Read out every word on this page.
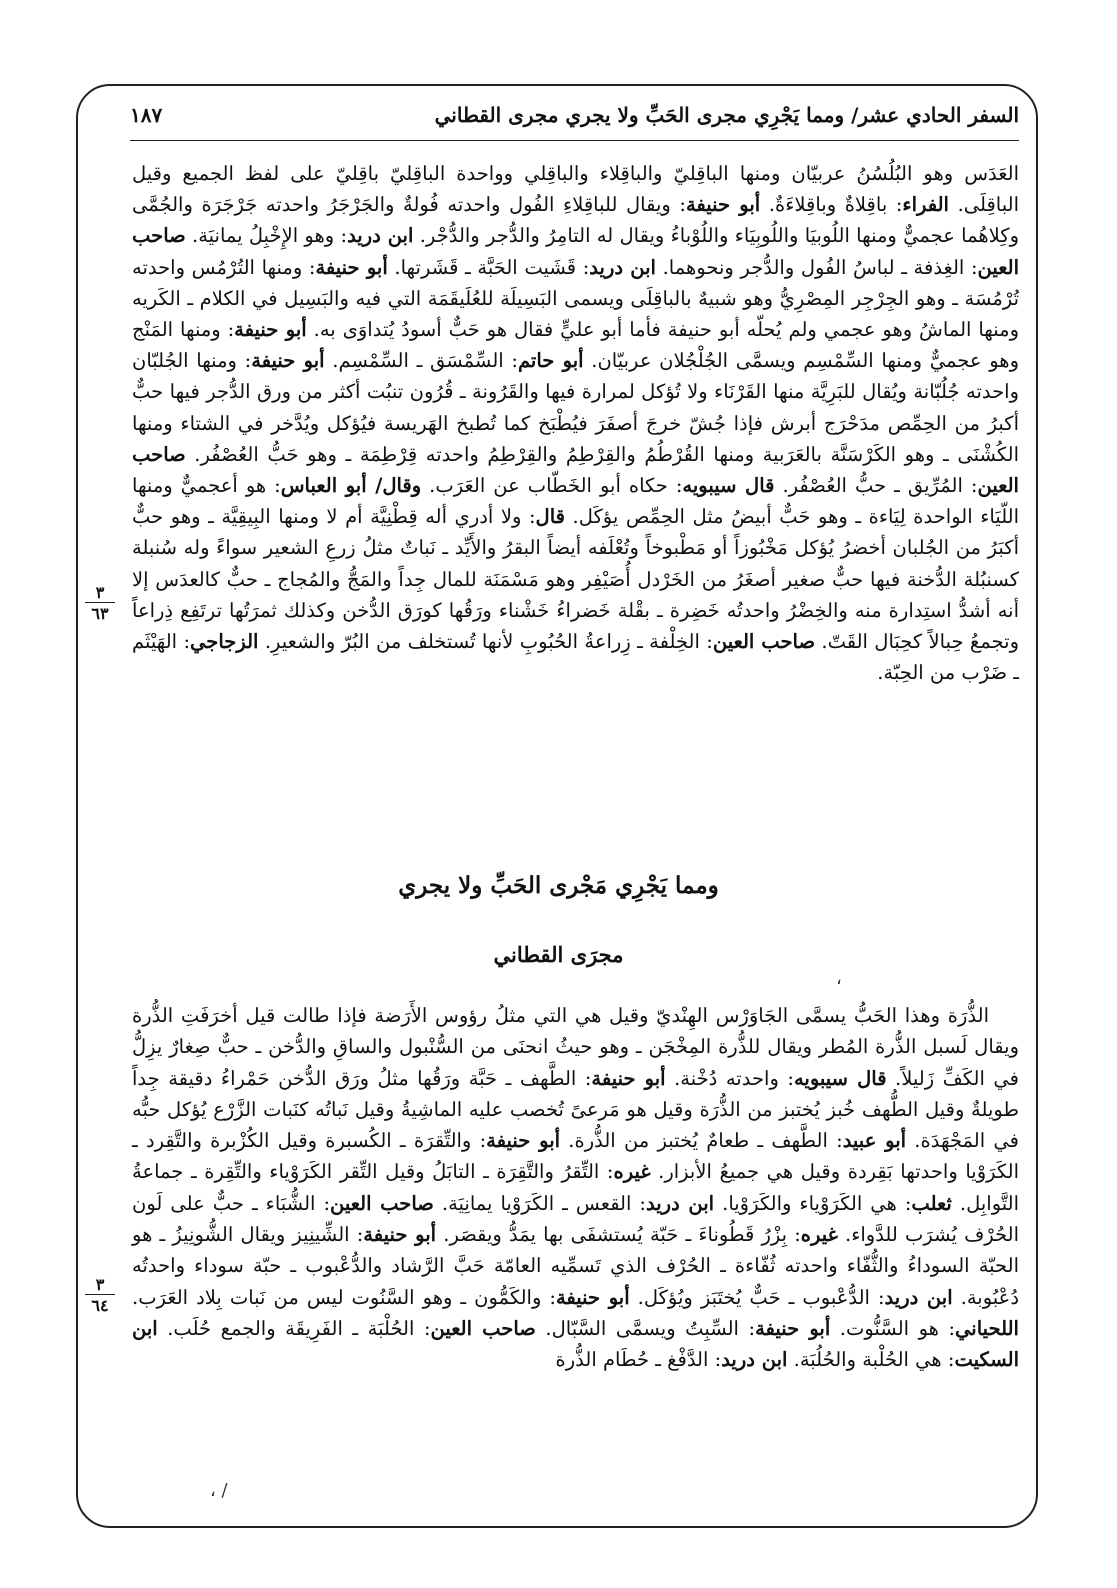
السفر الحادي عشر/ ومما يَجْرِي مجرى الحَبِّ ولا يجري مجرى القطاني
١٨٧

العَدَس وهو البُلُسُنُ عربيّان ومنها الباقِليّ والباقِلاء والباقِلي وواحدة الباقِليّ باقِليّ على لفظ الجميع وقيل الباقِلَى. الفراء: باقِلاةٌ وباقِلاءَةٌ. أبو حنيفة: ويقال للباقِلاءِ الفُول واحدته فُولةٌ والجَرْجَرُ واحدته جَرْجَرَة والجُمَّى وكِلاهُما عجميٌّ ومنها اللُوبيَا واللُوبِيَاء واللُوْباءُ ويقال له التامِرُ والدُّجر والدُّجْر. ابن دريد: وهو الإِخْبِلُ يمانيَة. صاحب العين: الغِذفة ـ لباسُ الفُول والدُّجر ونحوهما. ابن دريد: قَشَيت الحَبَّة ـ قَشَرتها. أبو حنيفة: ومنها التُرْمُس واحدته تُرْمُسَة ـ وهو الجِرْجِر المِصْرِيُّ وهو شبيهٌ بالباقِلَى ويسمى البَسِيلَة للعُلَيقَمَة التي فيه والبَسِيل في الكلام ـ الكَريه ومنها الماشُ وهو عجمي ولم يُحلّه أبو حنيفة فأما أبو عليٍّ فقال هو حَبٌّ أسودُ يُتداوَى به. أبو حنيفة: ومنها المَنْج وهو عجميٌّ ومنها السِّمْسِم ويسمَّى الجُلْجُلان عربيّان. أبو حاتم: السِّمْسَق ـ السِّمْسِم. أبو حنيفة: ومنها الجُلبّان واحدته جُلُبّانة ويُقال للبَرِيَّة منها القَرْنَاء ولا تُؤكل لمرارة فيها والقَرُونة ـ قُرُون تنبُت أكثر من ورق الدُّجر فيها حبٌّ أكبرُ من الحِمِّص مدَحْرَج أبرش فإذا جُشّ خرجَ أصفَرَ فيُطْبَخ كما تُطبخ الهَريسة فيُؤكل ويُدَّخر في الشتاء ومنها الكُشْنَى ـ وهو الكَرْسَنَّة بالعَرَبية ومنها القُرْطُمُ والقِرْطِمُ والقِرْطِمُ واحدته قِرْطِمَة ـ وهو حَبُّ العُصْفُر. صاحب العين: المُرِّيق ـ حبُّ العُصْفُر. قال سيبويه: حكاه أبو الخَطّاب عن العَرَب. وقال/ أبو العباس: هو أعجميٌّ ومنها اللّيَاء الواحدة لِيَاءة ـ وهو حَبٌّ أبيضُ مثل الحِمِّص يؤكَل. قال: ولا أدري أله قِطْنِيَّة أم لا ومنها البِيقِيَّة ـ وهو حبٌّ أكبَرُ من الجُلبان أخضرُ يُؤكل مَخْبُوزاً أو مَطْبوخاً وتُعْلَفه أيضاً البقرُ والأَيِّد ـ نَباتٌ مثلُ زرعِ الشعير سواءً وله سُنبلة كسنبُلة الدُّخنة فيها حبٌّ صغير أصغَرُ من الخَرْدل أُصَيْفِر وهو مَسْمَنَة للمال جِداً والمَجُّ والمُجاج ـ حبٌّ كالعدَس إلا أنه أشدُّ استِدارة منه والخِضْرُ واحدتُه خَضِرة ـ بقْلة خَضراءُ خَشْناء ورَقُها كورَق الدُّخن وكذلك ثمرَتُها ترتَفِع ذِراعاً وتجمعُ حِبالاً كحِبَال القَتّ. صاحب العين: الخِلْفة ـ زِراعةُ الحُبُوبِ لأنها تُستخلف من البُرّ والشعيرِ. الزجاجي: الهَيْثَم ـ ضَرْب من الحِبّة.

٣
٦٣
ومما يَجْرِي مَجْرى الحَبِّ ولا يجري
مجرَى القطاني
،

الذُّرَة وهذا الحَبُّ يسمَّى الجَاوَرْس الهِنْديّ وقيل هي التي مثلُ رؤوس الأَرَضة فإذا طالت قيل أخرَفَتِ الذُّرة ويقال لَسبل الذُّرة المُطر ويقال للذُّرة المِخْجَن ـ وهو حيثُ انحنَى من السُّنْبول والساقِ والدُّخن ـ حبٌّ صِغارٌ يزِلُّ في الكَفِّ زَليلاً. قال سيبويه: واحدته دُخْنة. أبو حنيفة: الطَّهف ـ حَبَّة ورَقُها مثلُ ورَق الدُّخن حَمْراءُ دقيقة جِداً طويلةٌ وقيل الطُّهف خُبز يُختبز من الذُّرَة وقيل هو مَرعىً تُخصب عليه الماشِيةُ وقيل نَباتُه كنَبات الزَّرْع يُؤكل حبُّه في المَجْهَدَة. أبو عبيد: الطَّهف ـ طعامٌ يُختبز من الذُّرة. أبو حنيفة: والتِّقرَة ـ الكُسبرة وقيل الكُزْبرة والتَّقِرد ـ الكَرَوْيا واحدتها بَقِردة وقيل هي جميعُ الأبزار. غيره: التِّقرُ والتَّقِرَة ـ التابَلُ وقيل التِّقر الكَرَوْياء والتِّقِرة ـ جماعةُ التَّوابِل. ثعلب: هي الكَرَوْياء والكَرَوْيا. ابن دريد: القعس ـ الكَرَوْيا يمانِيَة. صاحب العين: الشُّبَاء ـ حبٌّ على لَون الحُرْف يُشرَب للدَّواء. غيره: بِزْرُ قَطُوناءَ ـ حَبّة يُستشفَى بها يمَدُّ ويقصَر. أبو حنيفة: الشِّينِيز ويقال الشُّونِيزُ ـ هو الحبّة السوداءُ والثُّفّاء واحدته ثُفّاءة ـ الحُرْف الذي تَسمِّيه العامّة حَبَّ الرَّشاد والدُّعْبوب ـ حبّة سوداء واحدتُه دُعْبُوبة. ابن دريد: الدُّعْبوب ـ حَبٌّ يُختَبَز ويُؤكَل. أبو حنيفة: والكَمُّون ـ وهو السَّنُوت ليس من نَبات بِلاد العَرَب. اللحياني: هو السَّنُّوت. أبو حنيفة: السِّبِتُ ويسمَّى السَّبّال. صاحب العين: الحُلْبَة ـ الفَرِيقَة والجمع حُلَب. ابن السكيت: هي الحُلْبة والحُلُبَة. ابن دريد: الدَّفْغ ـ حُطَام الذُّرة

٣
٦٤
/ ،
